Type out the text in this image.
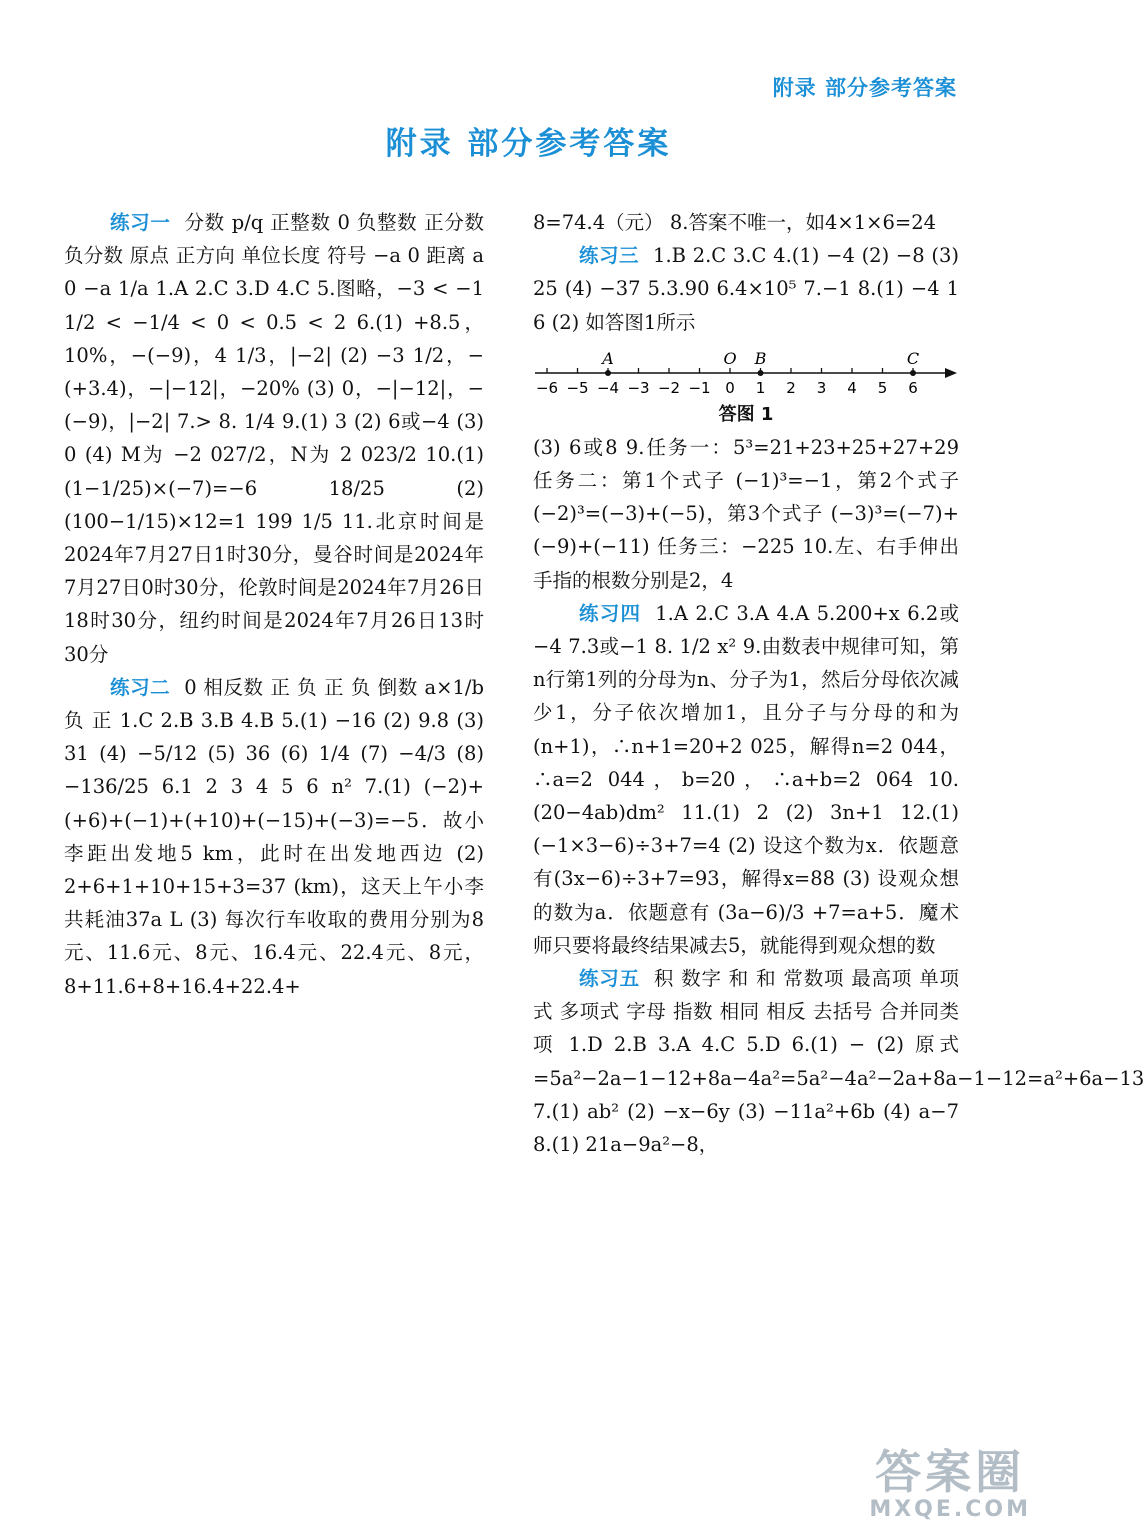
附录 部分参考答案
附录 部分参考答案

练习一 分数 p/q 正整数 0 负整数 正分数 负分数 原点 正方向 单位长度 符号 −a 0 距离 a 0 −a 1/a 1.A 2.C 3.D 4.C 5.图略，−3 < −1 1/2 < −1/4 < 0 < 0.5 < 2 6.(1) +8.5，10%，−(−9)，4 1/3，|−2| (2) −3 1/2，−(+3.4)，−|−12|，−20% (3) 0，−|−12|，−(−9)，|−2| 7.> 8. 1/4 9.(1) 3 (2) 6或−4 (3) 0 (4) M为 −2 027/2，N为 2 023/2 10.(1) (1−1/25)×(−7)=−6 18/25 (2) (100−1/15)×12=1 199 1/5 11.北京时间是2024年7月27日1时30分，曼谷时间是2024年7月27日0时30分，伦敦时间是2024年7月26日18时30分，纽约时间是2024年7月26日13时30分

练习二 0 相反数 正 负 正 负 倒数 a×1/b 负 正 1.C 2.B 3.B 4.B 5.(1) −16 (2) 9.8 (3) 31 (4) −5/12 (5) 36 (6) 1/4 (7) −4/3 (8) −136/25 6.1 2 3 4 5 6 n² 7.(1) (−2)+(+6)+(−1)+(+10)+(−15)+(−3)=−5．故小李距出发地5 km，此时在出发地西边 (2) 2+6+1+10+15+3=37 (km)，这天上午小李共耗油37a L (3) 每次行车收取的费用分别为8元、11.6元、8元、16.4元、22.4元、8元，8+11.6+8+16.4+22.4+

8=74.4（元） 8.答案不唯一，如4×1×6=24

练习三 1.B 2.C 3.C 4.(1) −4 (2) −8 (3) 25 (4) −37 5.3.90 6.4×10⁵ 7.−1 8.(1) −4 1 6 (2) 如答图1所示

−6 −5 −4 −3 −2 −1 0 1 2 3 4 5 6
A	O B	C
答图 1

(3) 6或8 9.任务一：5³=21+23+25+27+29 任务二：第1个式子 (−1)³=−1，第2个式子 (−2)³=(−3)+(−5)，第3个式子 (−3)³=(−7)+(−9)+(−11) 任务三：−225 10.左、右手伸出手指的根数分别是2，4

练习四 1.A 2.C 3.A 4.A 5.200+x 6.2或−4 7.3或−1 8. 1/2 x² 9.由数表中规律可知，第n行第1列的分母为n、分子为1，然后分母依次减少1，分子依次增加1，且分子与分母的和为(n+1)，∴n+1=20+2 025，解得n=2 044，∴a=2 044，b=20，∴a+b=2 064 10.(20−4ab)dm² 11.(1) 2 (2) 3n+1 12.(1) (−1×3−6)÷3+7=4 (2) 设这个数为x．依题意有(3x−6)÷3+7=93，解得x=88 (3) 设观众想的数为a．依题意有 (3a−6)/3 +7=a+5．魔术师只要将最终结果减去5，就能得到观众想的数

练习五 积 数字 和 和 常数项 最高项 单项式 多项式 字母 指数 相同 相反 去括号 合并同类项 1.D 2.B 3.A 4.C 5.D 6.(1) − (2) 原式=5a²−2a−1−12+8a−4a²=5a²−4a²−2a+8a−1−12=a²+6a−13 7.(1) ab² (2) −x−6y (3) −11a²+6b (4) a−7 8.(1) 21a−9a²−8，

答案圈
MXQE.COM
